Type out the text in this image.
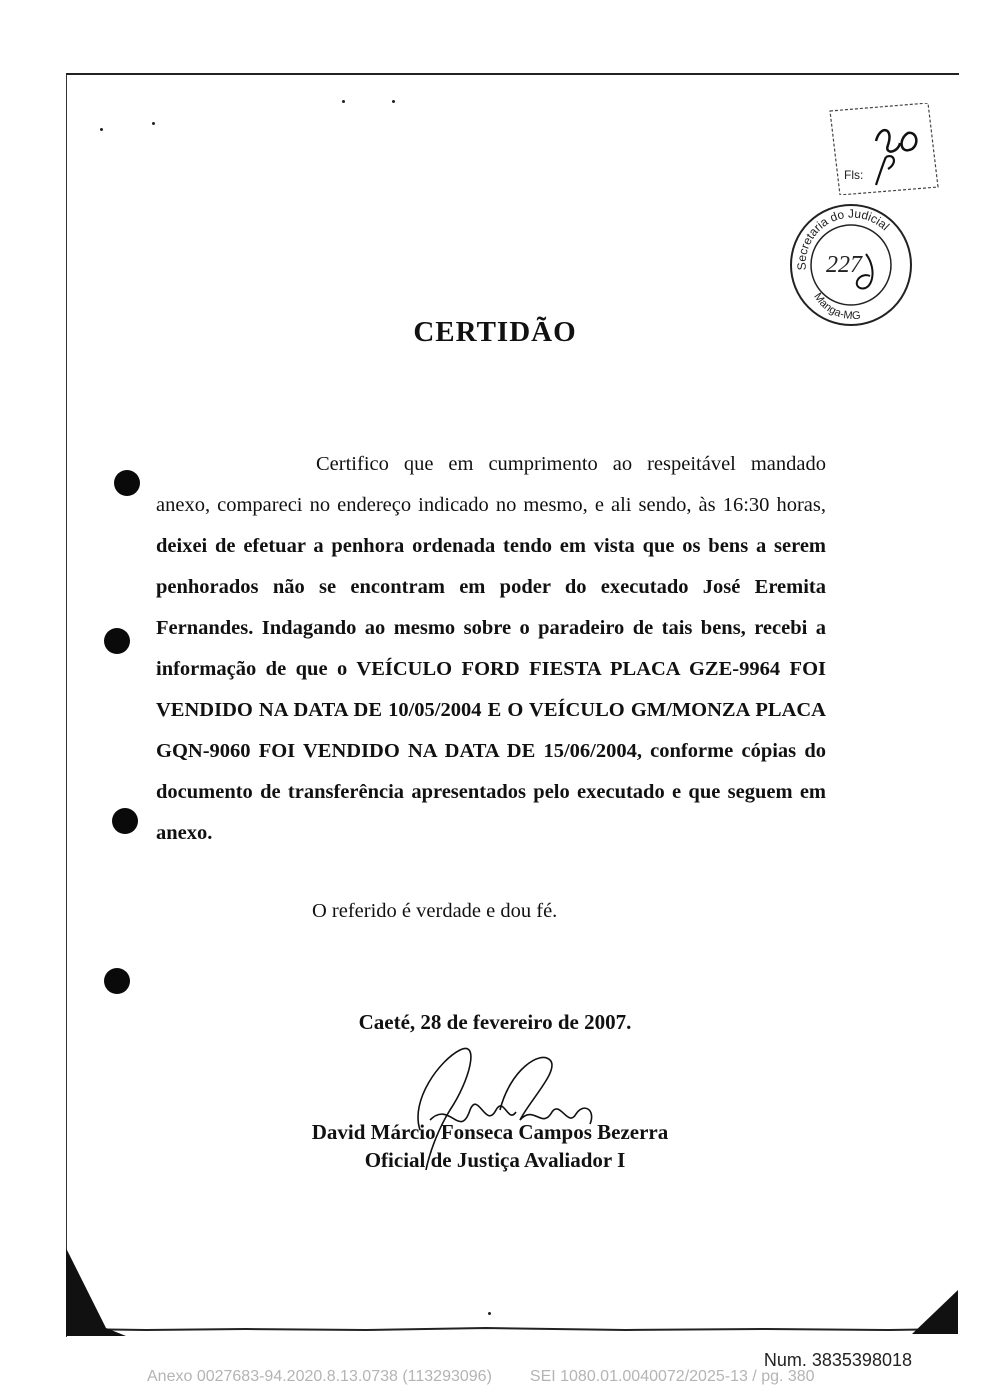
Fls:
Secretaria do Judicial
Manga-MG
227
CERTIDÃO

Certifico que em cumprimento ao respeitável mandado anexo, compareci no endereço indicado no mesmo, e ali sendo, às 16:30 horas, deixei de efetuar a penhora ordenada tendo em vista que os bens a serem penhorados não se encontram em poder do executado José Eremita Fernandes. Indagando ao mesmo sobre o paradeiro de tais bens, recebi a informação de que o VEÍCULO FORD FIESTA PLACA GZE-9964 FOI VENDIDO NA DATA DE 10/05/2004 E O VEÍCULO GM/MONZA PLACA GQN-9060 FOI VENDIDO NA DATA DE 15/06/2004, conforme cópias do documento de transferência apresentados pelo executado e que seguem em anexo.

O referido é verdade e dou fé.
Caeté, 28 de fevereiro de 2007.
David Márcio Fonseca Campos Bezerra
Oficial de Justiça Avaliador I
Num. 3835398018
Anexo 0027683-94.2020.8.13.0738 (113293096) SEI 1080.01.0040072/2025-13 / pg. 380
